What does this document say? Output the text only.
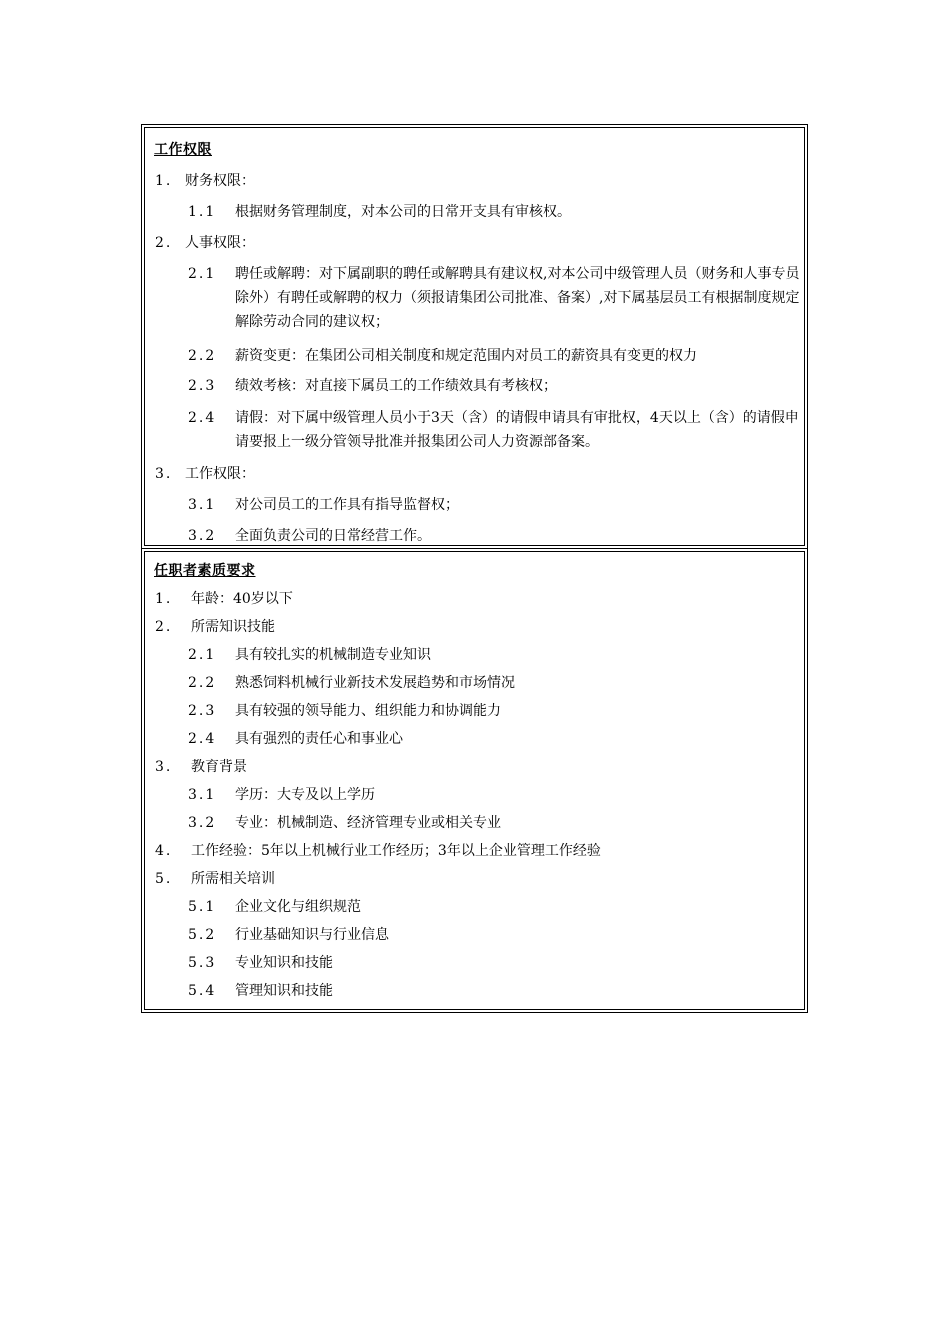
工作权限
1. 财务权限：
1.1 根据财务管理制度，对本公司的日常开支具有审核权。
2. 人事权限：
2.1 聘任或解聘：对下属副职的聘任或解聘具有建议权,对本公司中级管理人员（财务和人事专员除外）有聘任或解聘的权力（须报请集团公司批准、备案）,对下属基层员工有根据制度规定解除劳动合同的建议权；
2.2 薪资变更：在集团公司相关制度和规定范围内对员工的薪资具有变更的权力
2.3 绩效考核：对直接下属员工的工作绩效具有考核权；
2.4 请假：对下属中级管理人员小于3天（含）的请假申请具有审批权，4天以上（含）的请假申请要报上一级分管领导批准并报集团公司人力资源部备案。
3. 工作权限：
3.1 对公司员工的工作具有指导监督权；
3.2 全面负责公司的日常经营工作。
任职者素质要求
1. 年龄：40岁以下
2. 所需知识技能
2.1 具有较扎实的机械制造专业知识
2.2 熟悉饲料机械行业新技术发展趋势和市场情况
2.3 具有较强的领导能力、组织能力和协调能力
2.4 具有强烈的责任心和事业心
3. 教育背景
3.1 学历：大专及以上学历
3.2 专业：机械制造、经济管理专业或相关专业
4. 工作经验：5年以上机械行业工作经历；3年以上企业管理工作经验
5. 所需相关培训
5.1 企业文化与组织规范
5.2 行业基础知识与行业信息
5.3 专业知识和技能
5.4 管理知识和技能
